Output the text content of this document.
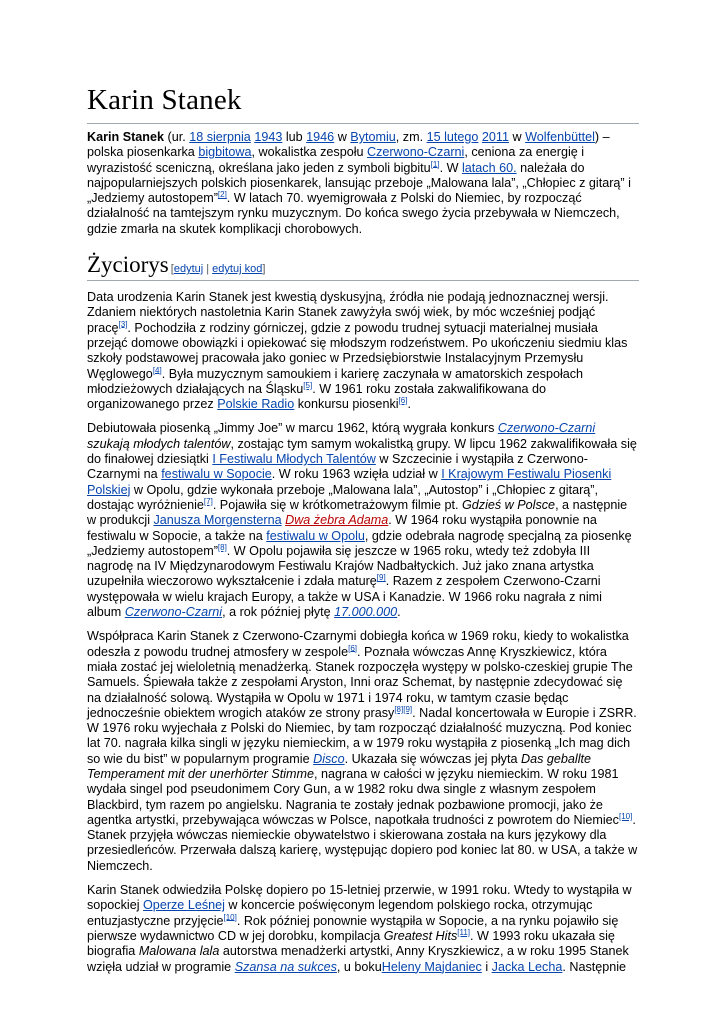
Karin Stanek

Karin Stanek (ur. 18 sierpnia 1943 lub 1946 w Bytomiu, zm. 15 lutego 2011 w Wolfenbüttel) – polska piosenkarka bigbitowa, wokalistka zespołu Czerwono-Czarni, ceniona za energię i wyrazistość sceniczną, określana jako jeden z symboli bigbitu[1]. W latach 60. należała do najpopularniejszych polskich piosenkarek, lansując przeboje „Malowana lala”, „Chłopiec z gitarą” i „Jedziemy autostopem”[2]. W latach 70. wyemigrowała z Polski do Niemiec, by rozpocząć działalność na tamtejszym rynku muzycznym. Do końca swego życia przebywała w Niemczech, gdzie zmarła na skutek komplikacji chorobowych.

Życiorys [edytuj | edytuj kod]

Data urodzenia Karin Stanek jest kwestią dyskusyjną, źródła nie podają jednoznacznej wersji. Zdaniem niektórych nastoletnia Karin Stanek zawyżyła swój wiek, by móc wcześniej podjąć pracę[3]. Pochodziła z rodziny górniczej, gdzie z powodu trudnej sytuacji materialnej musiała przejąć domowe obowiązki i opiekować się młodszym rodzeństwem. Po ukończeniu siedmiu klas szkoły podstawowej pracowała jako goniec w Przedsiębiorstwie Instalacyjnym Przemysłu Węglowego[4]. Była muzycznym samoukiem i karierę zaczynała w amatorskich zespołach młodzieżowych działających na Śląsku[5]. W 1961 roku została zakwalifikowana do organizowanego przez Polskie Radio konkursu piosenki[6].

Debiutowała piosenką „Jimmy Joe” w marcu 1962, którą wygrała konkurs Czerwono-Czarni szukają młodych talentów, zostając tym samym wokalistką grupy. W lipcu 1962 zakwalifikowała się do finałowej dziesiątki I Festiwalu Młodych Talentów w Szczecinie i wystąpiła z Czerwono-Czarnymi na festiwalu w Sopocie. W roku 1963 wzięła udział w I Krajowym Festiwalu Piosenki Polskiej w Opolu, gdzie wykonała przeboje „Malowana lala”, „Autostop” i „Chłopiec z gitarą”, dostając wyróżnienie[7]. Pojawiła się w krótkometrażowym filmie pt. Gdzieś w Polsce, a następnie w produkcji Janusza Morgensterna Dwa żebra Adama. W 1964 roku wystąpiła ponownie na festiwalu w Sopocie, a także na festiwalu w Opolu, gdzie odebrała nagrodę specjalną za piosenkę „Jedziemy autostopem”[8]. W Opolu pojawiła się jeszcze w 1965 roku, wtedy też zdobyła III nagrodę na IV Międzynarodowym Festiwalu Krajów Nadbałtyckich. Już jako znana artystka uzupełniła wieczorowo wykształcenie i zdała maturę[9]. Razem z zespołem Czerwono-Czarni występowała w wielu krajach Europy, a także w USA i Kanadzie. W 1966 roku nagrała z nimi album Czerwono-Czarni, a rok później płytę 17.000.000.

Współpraca Karin Stanek z Czerwono-Czarnymi dobiegła końca w 1969 roku, kiedy to wokalistka odeszła z powodu trudnej atmosfery w zespole[6]. Poznała wówczas Annę Kryszkiewicz, która miała zostać jej wieloletnią menadżerką. Stanek rozpoczęła występy w polsko-czeskiej grupie The Samuels. Śpiewała także z zespołami Aryston, Inni oraz Schemat, by następnie zdecydować się na działalność solową. Wystąpiła w Opolu w 1971 i 1974 roku, w tamtym czasie będąc jednocześnie obiektem wrogich ataków ze strony prasy[8][9]. Nadal koncertowała w Europie i ZSRR. W 1976 roku wyjechała z Polski do Niemiec, by tam rozpocząć działalność muzyczną. Pod koniec lat 70. nagrała kilka singli w języku niemieckim, a w 1979 roku wystąpiła z piosenką „Ich mag dich so wie du bist” w popularnym programie Disco. Ukazała się wówczas jej płyta Das geballte Temperament mit der unerhörter Stimme, nagrana w całości w języku niemieckim. W roku 1981 wydała singel pod pseudonimem Cory Gun, a w 1982 roku dwa single z własnym zespołem Blackbird, tym razem po angielsku. Nagrania te zostały jednak pozbawione promocji, jako że agentka artystki, przebywająca wówczas w Polsce, napotkała trudności z powrotem do Niemiec[10]. Stanek przyjęła wówczas niemieckie obywatelstwo i skierowana została na kurs językowy dla przesiedleńców. Przerwała dalszą karierę, występując dopiero pod koniec lat 80. w USA, a także w Niemczech.

Karin Stanek odwiedziła Polskę dopiero po 15-letniej przerwie, w 1991 roku. Wtedy to wystąpiła w sopockiej Operze Leśnej w koncercie poświęconym legendom polskiego rocka, otrzymując entuzjastyczne przyjęcie[10]. Rok później ponownie wystąpiła w Sopocie, a na rynku pojawiło się pierwsze wydawnictwo CD w jej dorobku, kompilacja Greatest Hits[11]. W 1993 roku ukazała się biografia Malowana lala autorstwa menadżerki artystki, Anny Kryszkiewicz, a w roku 1995 Stanek wzięła udział w programie Szansa na sukces, u bokuHeleny Majdaniec i Jacka Lecha. Następnie
